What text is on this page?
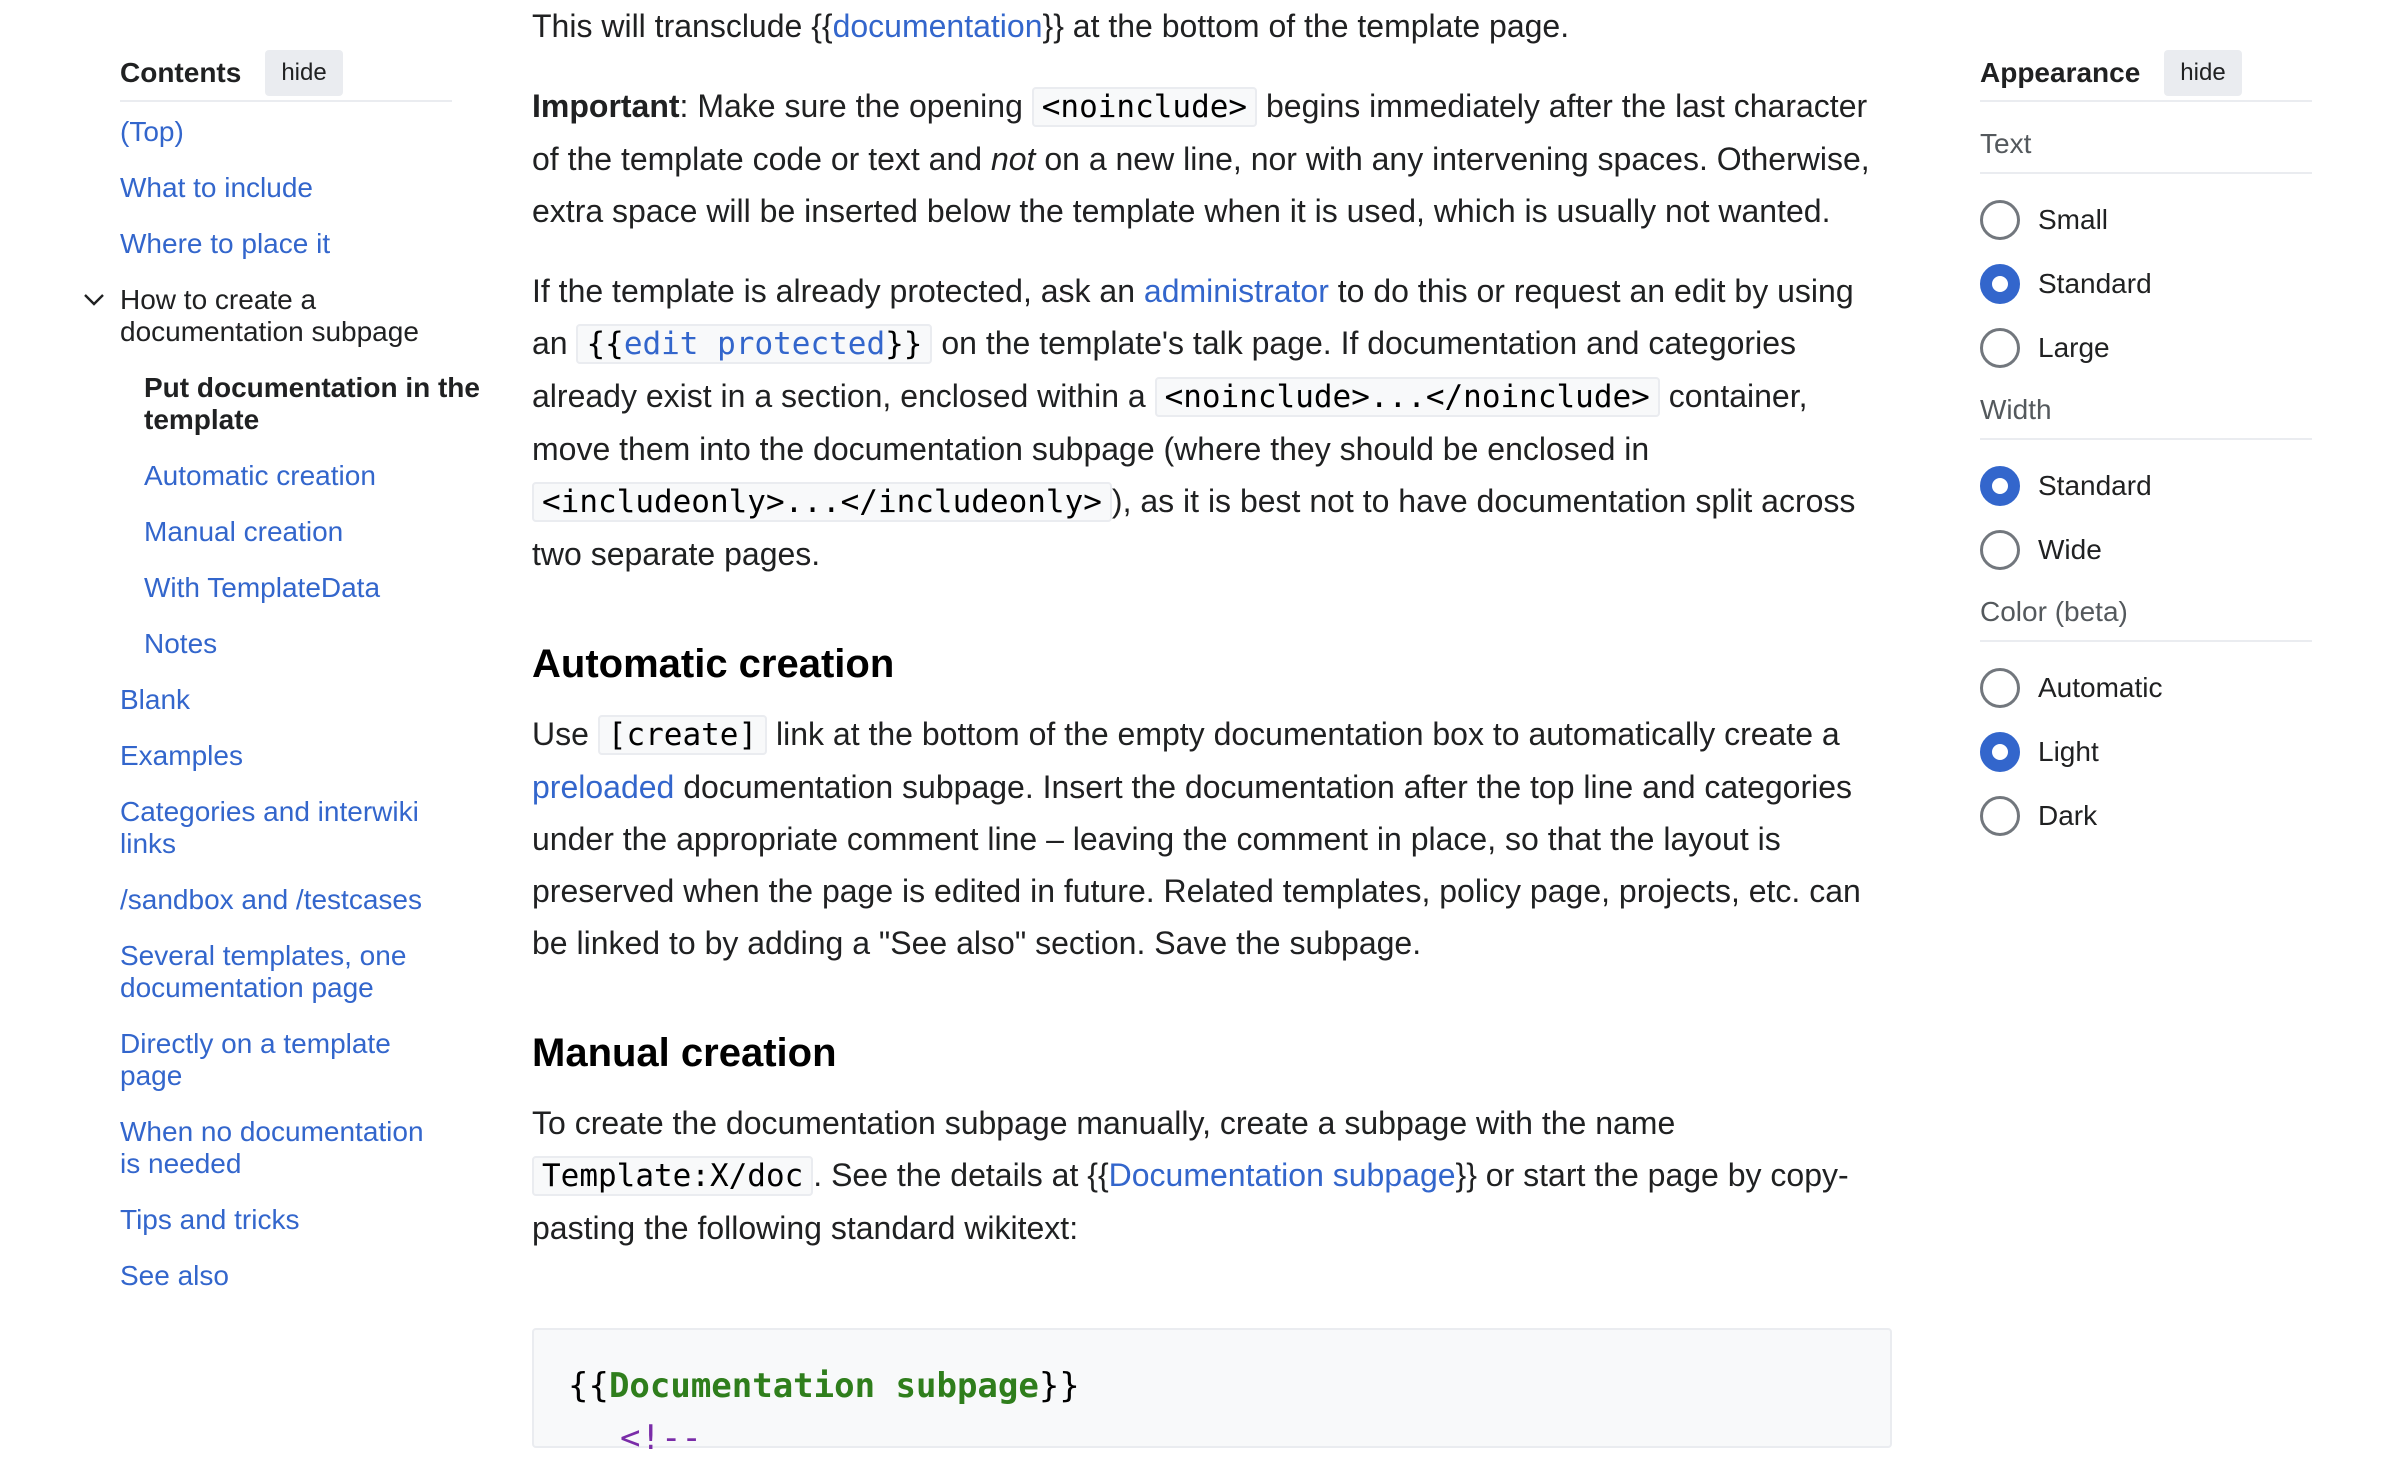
Contents	hide
(Top)
What to include
Where to place it
How to create a documentation subpage
Put documentation in the template
Automatic creation
Manual creation
With TemplateData
Notes
Blank
Examples
Categories and interwiki links
/sandbox and /testcases
Several templates, one documentation page
Directly on a template page
When no documentation is needed
Tips and tricks
See also

This will transclude {{documentation}} at the bottom of the template page.

Important: Make sure the opening <noinclude> begins immediately after the last character of the template code or text and not on a new line, nor with any intervening spaces. Otherwise, extra space will be inserted below the template when it is used, which is usually not wanted.

If the template is already protected, ask an administrator to do this or request an edit by using an {{edit protected}} on the template's talk page. If documentation and categories already exist in a section, enclosed within a <noinclude>...</noinclude> container, move them into the documentation subpage (where they should be enclosed in <includeonly>...</includeonly> ), as it is best not to have documentation split across two separate pages.

Automatic creation

Use [create] link at the bottom of the empty documentation box to automatically create a preloaded documentation subpage. Insert the documentation after the top line and categories under the appropriate comment line – leaving the comment in place, so that the layout is preserved when the page is edited in future. Related templates, policy page, projects, etc. can be linked to by adding a "See also" section. Save the subpage.

Manual creation

To create the documentation subpage manually, create a subpage with the name Template:X/doc . See the details at {{Documentation subpage}} or start the page by copy-pasting the following standard wikitext:

{{Documentation subpage}}
<!--
Appearance	hide
Text
Small
Standard
Large
Width
Standard
Wide
Color (beta)
Automatic
Light
Dark
